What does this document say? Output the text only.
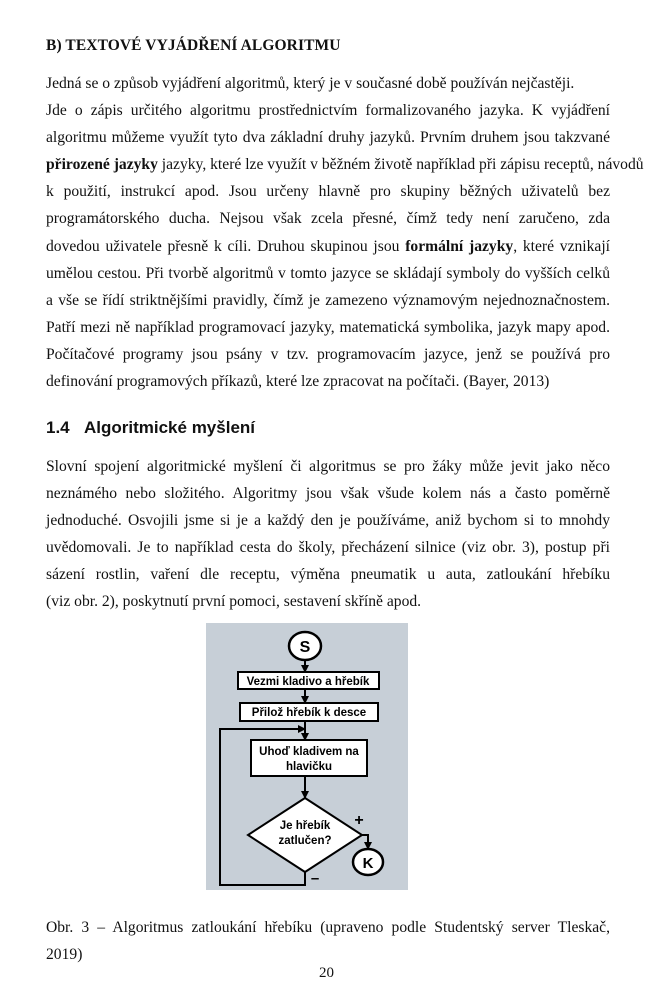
B) TEXTOVÉ VYJÁDŘENÍ ALGORITMU
Jedná se o způsob vyjádření algoritmů, který je v současné době používán nejčastěji.
Jde o zápis určitého algoritmu prostřednictvím formalizovaného jazyka. K vyjádření
algoritmu můžeme využít tyto dva základní druhy jazyků. Prvním druhem jsou takzvané
přirozené jazyky jazyky, které lze využít v běžném životě například při zápisu receptů, návodů
k použití, instrukcí apod. Jsou určeny hlavně pro skupiny běžných uživatelů bez
programátorského ducha. Nejsou však zcela přesné, čímž tedy není zaručeno, zda
dovedou uživatele přesně k cíli. Druhou skupinou jsou formální jazyky, které vznikají
umělou cestou. Při tvorbě algoritmů v tomto jazyce se skládají symboly do vyšších celků
a vše se řídí striktnějšími pravidly, čímž je zamezeno významovým nejednoznačnostem.
Patří mezi ně například programovací jazyky, matematická symbolika, jazyk mapy apod.
Počítačové programy jsou psány v tzv. programovacím jazyce, jenž se používá pro
definování programových příkazů, které lze zpracovat na počítači. (Bayer, 2013)
1.4 Algoritmické myšlení
Slovní spojení algoritmické myšlení či algoritmus se pro žáky může jevit jako něco
neznámého nebo složitého. Algoritmy jsou však všude kolem nás a často poměrně
jednoduché. Osvojili jsme si je a každý den je používáme, aniž bychom si to mnohdy
uvědomovali. Je to například cesta do školy, přecházení silnice (viz obr. 3), postup při
sázení rostlin, vaření dle receptu, výměna pneumatik u auta, zatloukání hřebíku
(viz obr. 2), poskytnutí první pomoci, sestavení skříně apod.
S
Vezmi kladivo a hřebík
Přilož hřebík k desce
Uhoď kladivem na
hlavičku
Je hřebík
zatlučen?
+
K
–
Obr. 3 – Algoritmus zatloukání hřebíku (upraveno podle Studentský server Tleskač,
2019)
20
